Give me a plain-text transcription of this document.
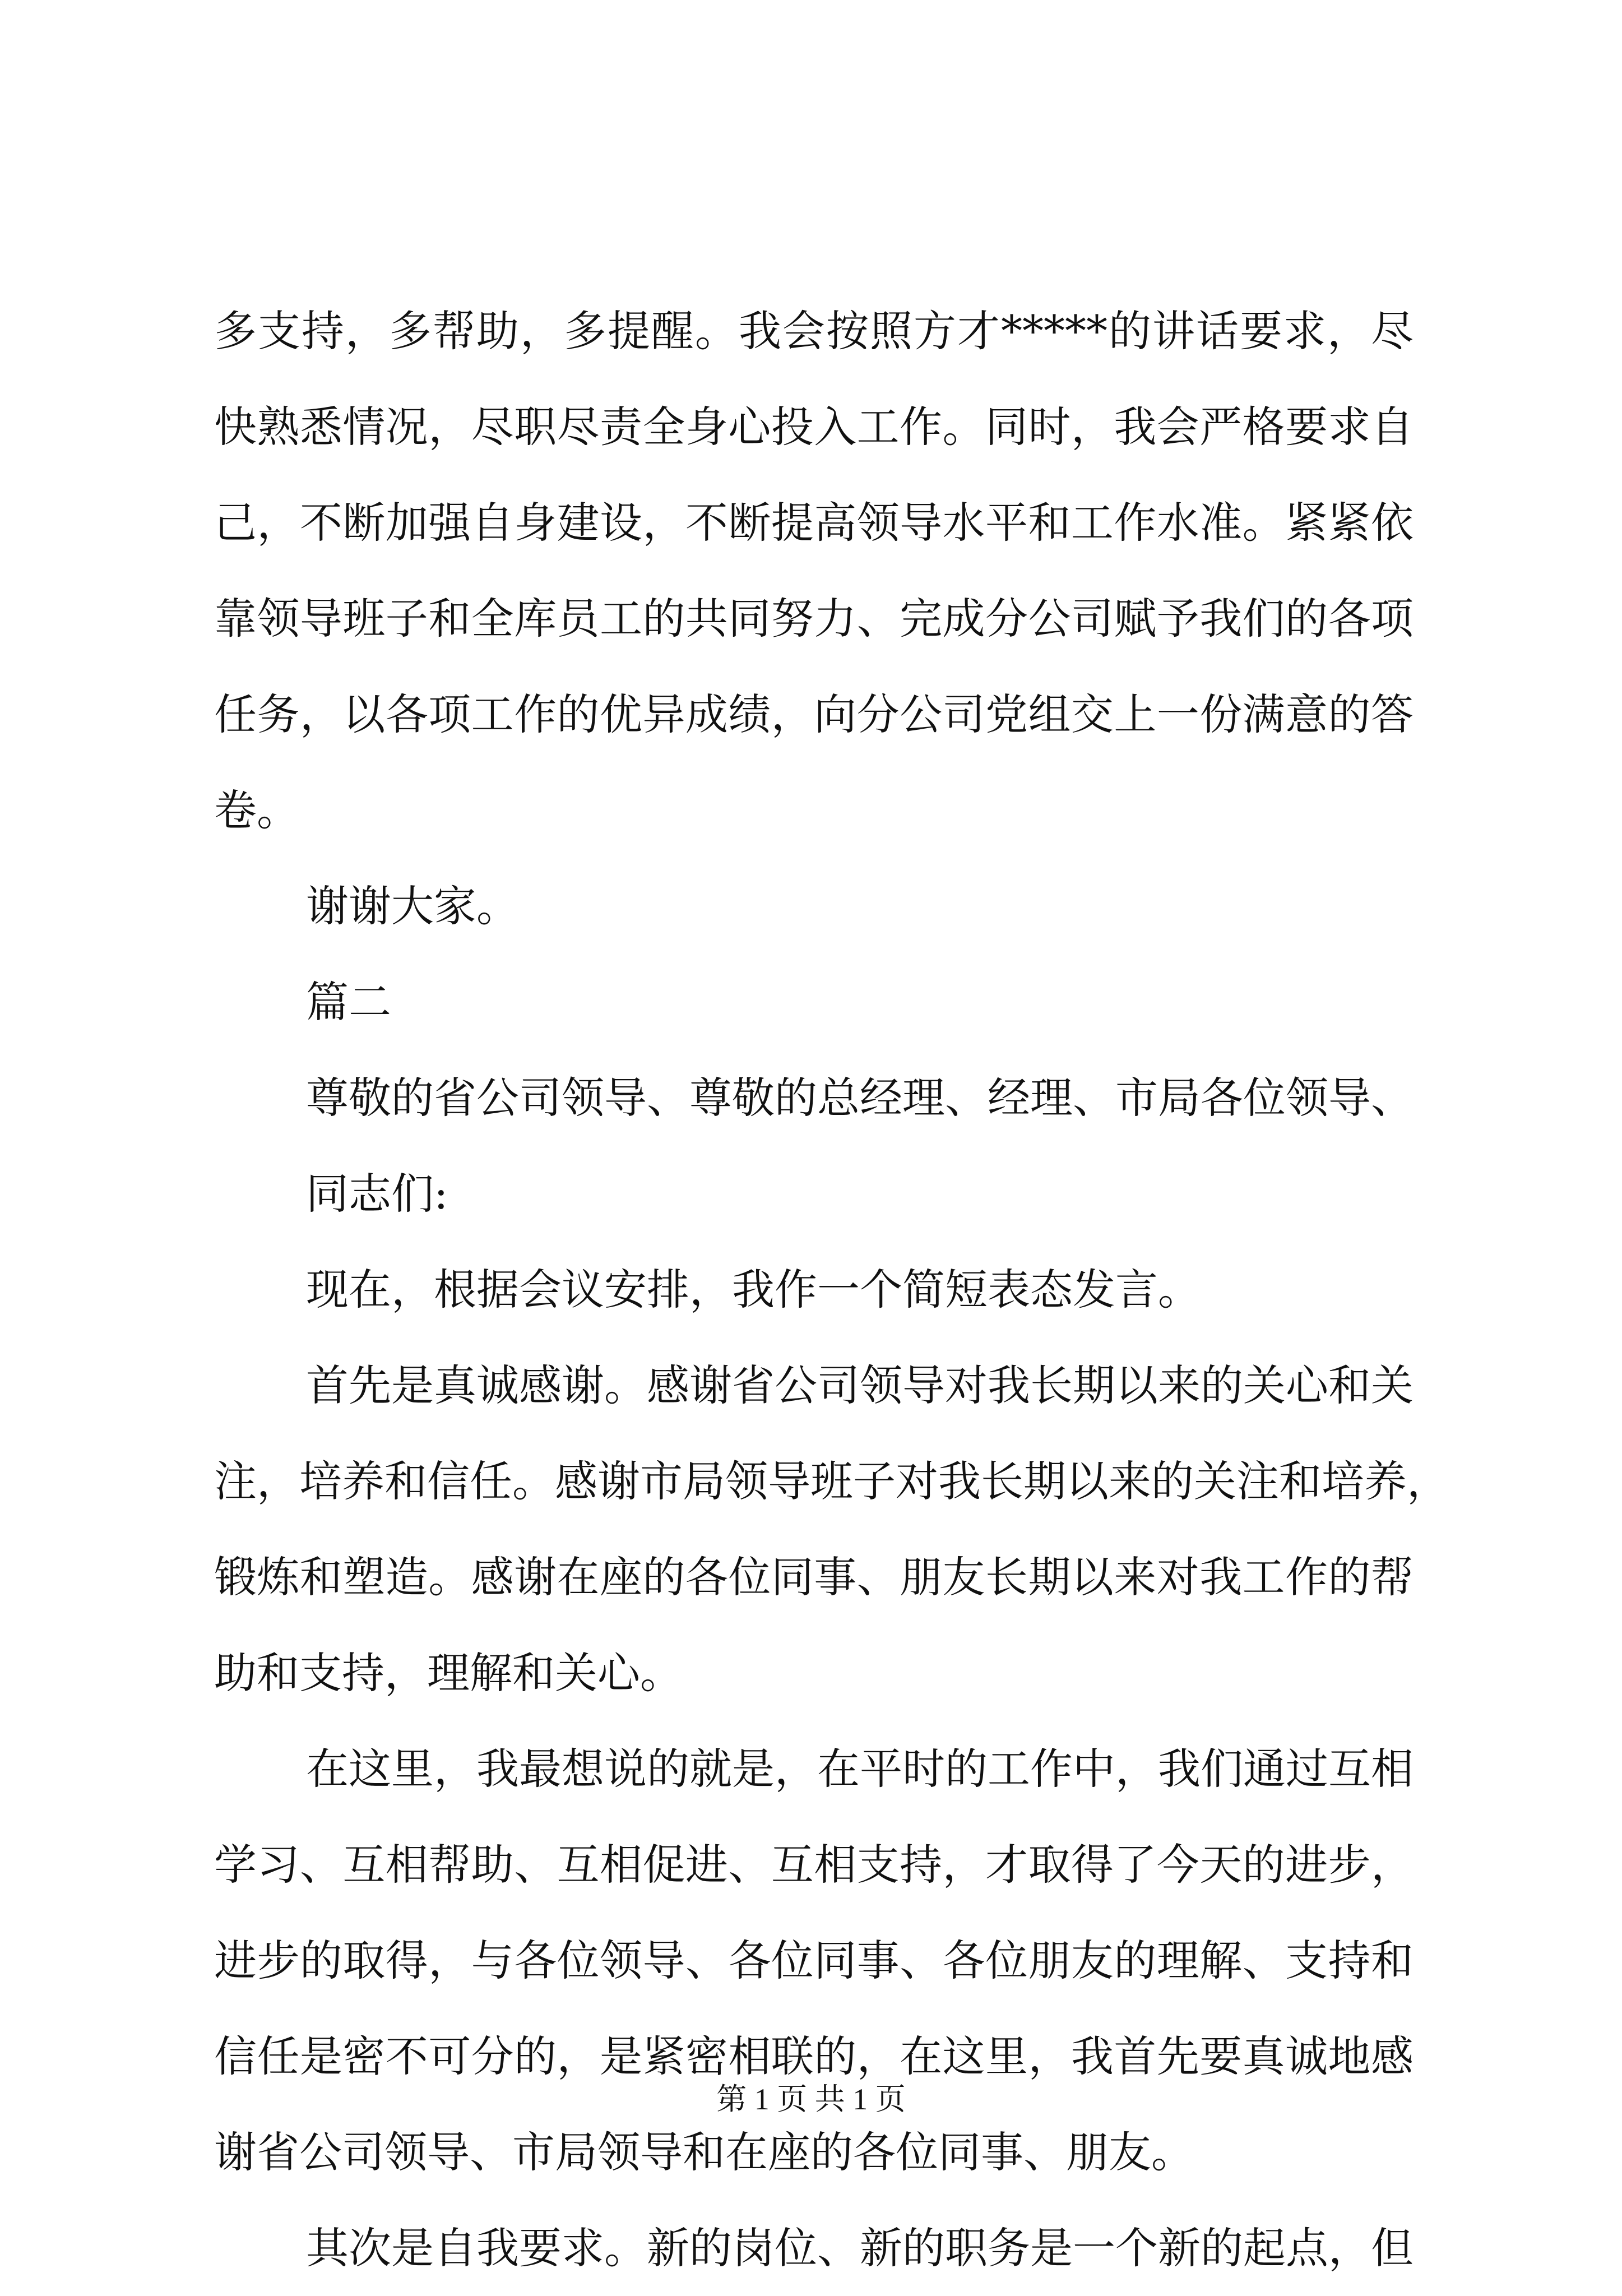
多支持，多帮助，多提醒。我会按照方才*****的讲话要求，尽
快熟悉情况，尽职尽责全身心投入工作。同时，我会严格要求自
己，不断加强自身建设，不断提高领导水平和工作水准。紧紧依
靠领导班子和全库员工的共同努力、完成分公司赋予我们的各项
任务，以各项工作的优异成绩，向分公司党组交上一份满意的答
卷。
谢谢大家。
篇二
尊敬的省公司领导、尊敬的总经理、经理、市局各位领导、
同志们:
现在，根据会议安排，我作一个简短表态发言。
首先是真诚感谢。感谢省公司领导对我长期以来的关心和关
注，培养和信任。感谢市局领导班子对我长期以来的关注和培养，
锻炼和塑造。感谢在座的各位同事、朋友长期以来对我工作的帮
助和支持，理解和关心。
在这里，我最想说的就是，在平时的工作中，我们通过互相
学习、互相帮助、互相促进、互相支持，才取得了今天的进步，
进步的取得，与各位领导、各位同事、各位朋友的理解、支持和
信任是密不可分的，是紧密相联的，在这里，我首先要真诚地感
谢省公司领导、市局领导和在座的各位同事、朋友。
其次是自我要求。新的岗位、新的职务是一个新的起点，但
第 1 页 共 1 页
